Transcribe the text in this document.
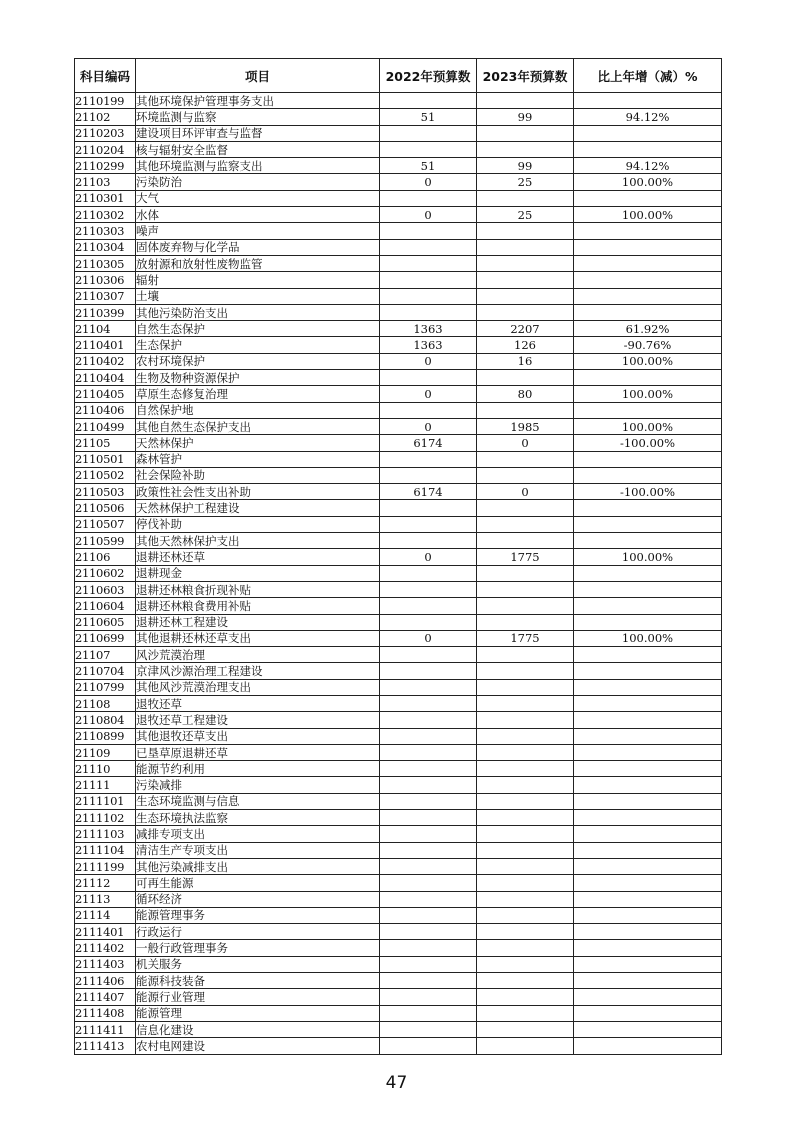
科目编码	项目	2022年预算数	2023年预算数	比上年增（减）%
2110199	其他环境保护管理事务支出			
21102	环境监测与监察	51	99	94.12%
2110203	建设项目环评审查与监督			
2110204	核与辐射安全监督			
2110299	其他环境监测与监察支出	51	99	94.12%
21103	污染防治	0	25	100.00%
2110301	大气			
2110302	水体	0	25	100.00%
2110303	噪声			
2110304	固体废弃物与化学品			
2110305	放射源和放射性废物监管			
2110306	辐射			
2110307	土壤			
2110399	其他污染防治支出			
21104	自然生态保护	1363	2207	61.92%
2110401	生态保护	1363	126	-90.76%
2110402	农村环境保护	0	16	100.00%
2110404	生物及物种资源保护			
2110405	草原生态修复治理	0	80	100.00%
2110406	自然保护地			
2110499	其他自然生态保护支出	0	1985	100.00%
21105	天然林保护	6174	0	-100.00%
2110501	森林管护			
2110502	社会保险补助			
2110503	政策性社会性支出补助	6174	0	-100.00%
2110506	天然林保护工程建设			
2110507	停伐补助			
2110599	其他天然林保护支出			
21106	退耕还林还草	0	1775	100.00%
2110602	退耕现金			
2110603	退耕还林粮食折现补贴			
2110604	退耕还林粮食费用补贴			
2110605	退耕还林工程建设			
2110699	其他退耕还林还草支出	0	1775	100.00%
21107	风沙荒漠治理			
2110704	京津风沙源治理工程建设			
2110799	其他风沙荒漠治理支出			
21108	退牧还草			
2110804	退牧还草工程建设			
2110899	其他退牧还草支出			
21109	已垦草原退耕还草			
21110	能源节约利用			
21111	污染减排			
2111101	生态环境监测与信息			
2111102	生态环境执法监察			
2111103	减排专项支出			
2111104	清洁生产专项支出			
2111199	其他污染减排支出			
21112	可再生能源			
21113	循环经济			
21114	能源管理事务			
2111401	行政运行			
2111402	一般行政管理事务			
2111403	机关服务			
2111406	能源科技装备			
2111407	能源行业管理			
2111408	能源管理			
2111411	信息化建设			
2111413	农村电网建设			
47
